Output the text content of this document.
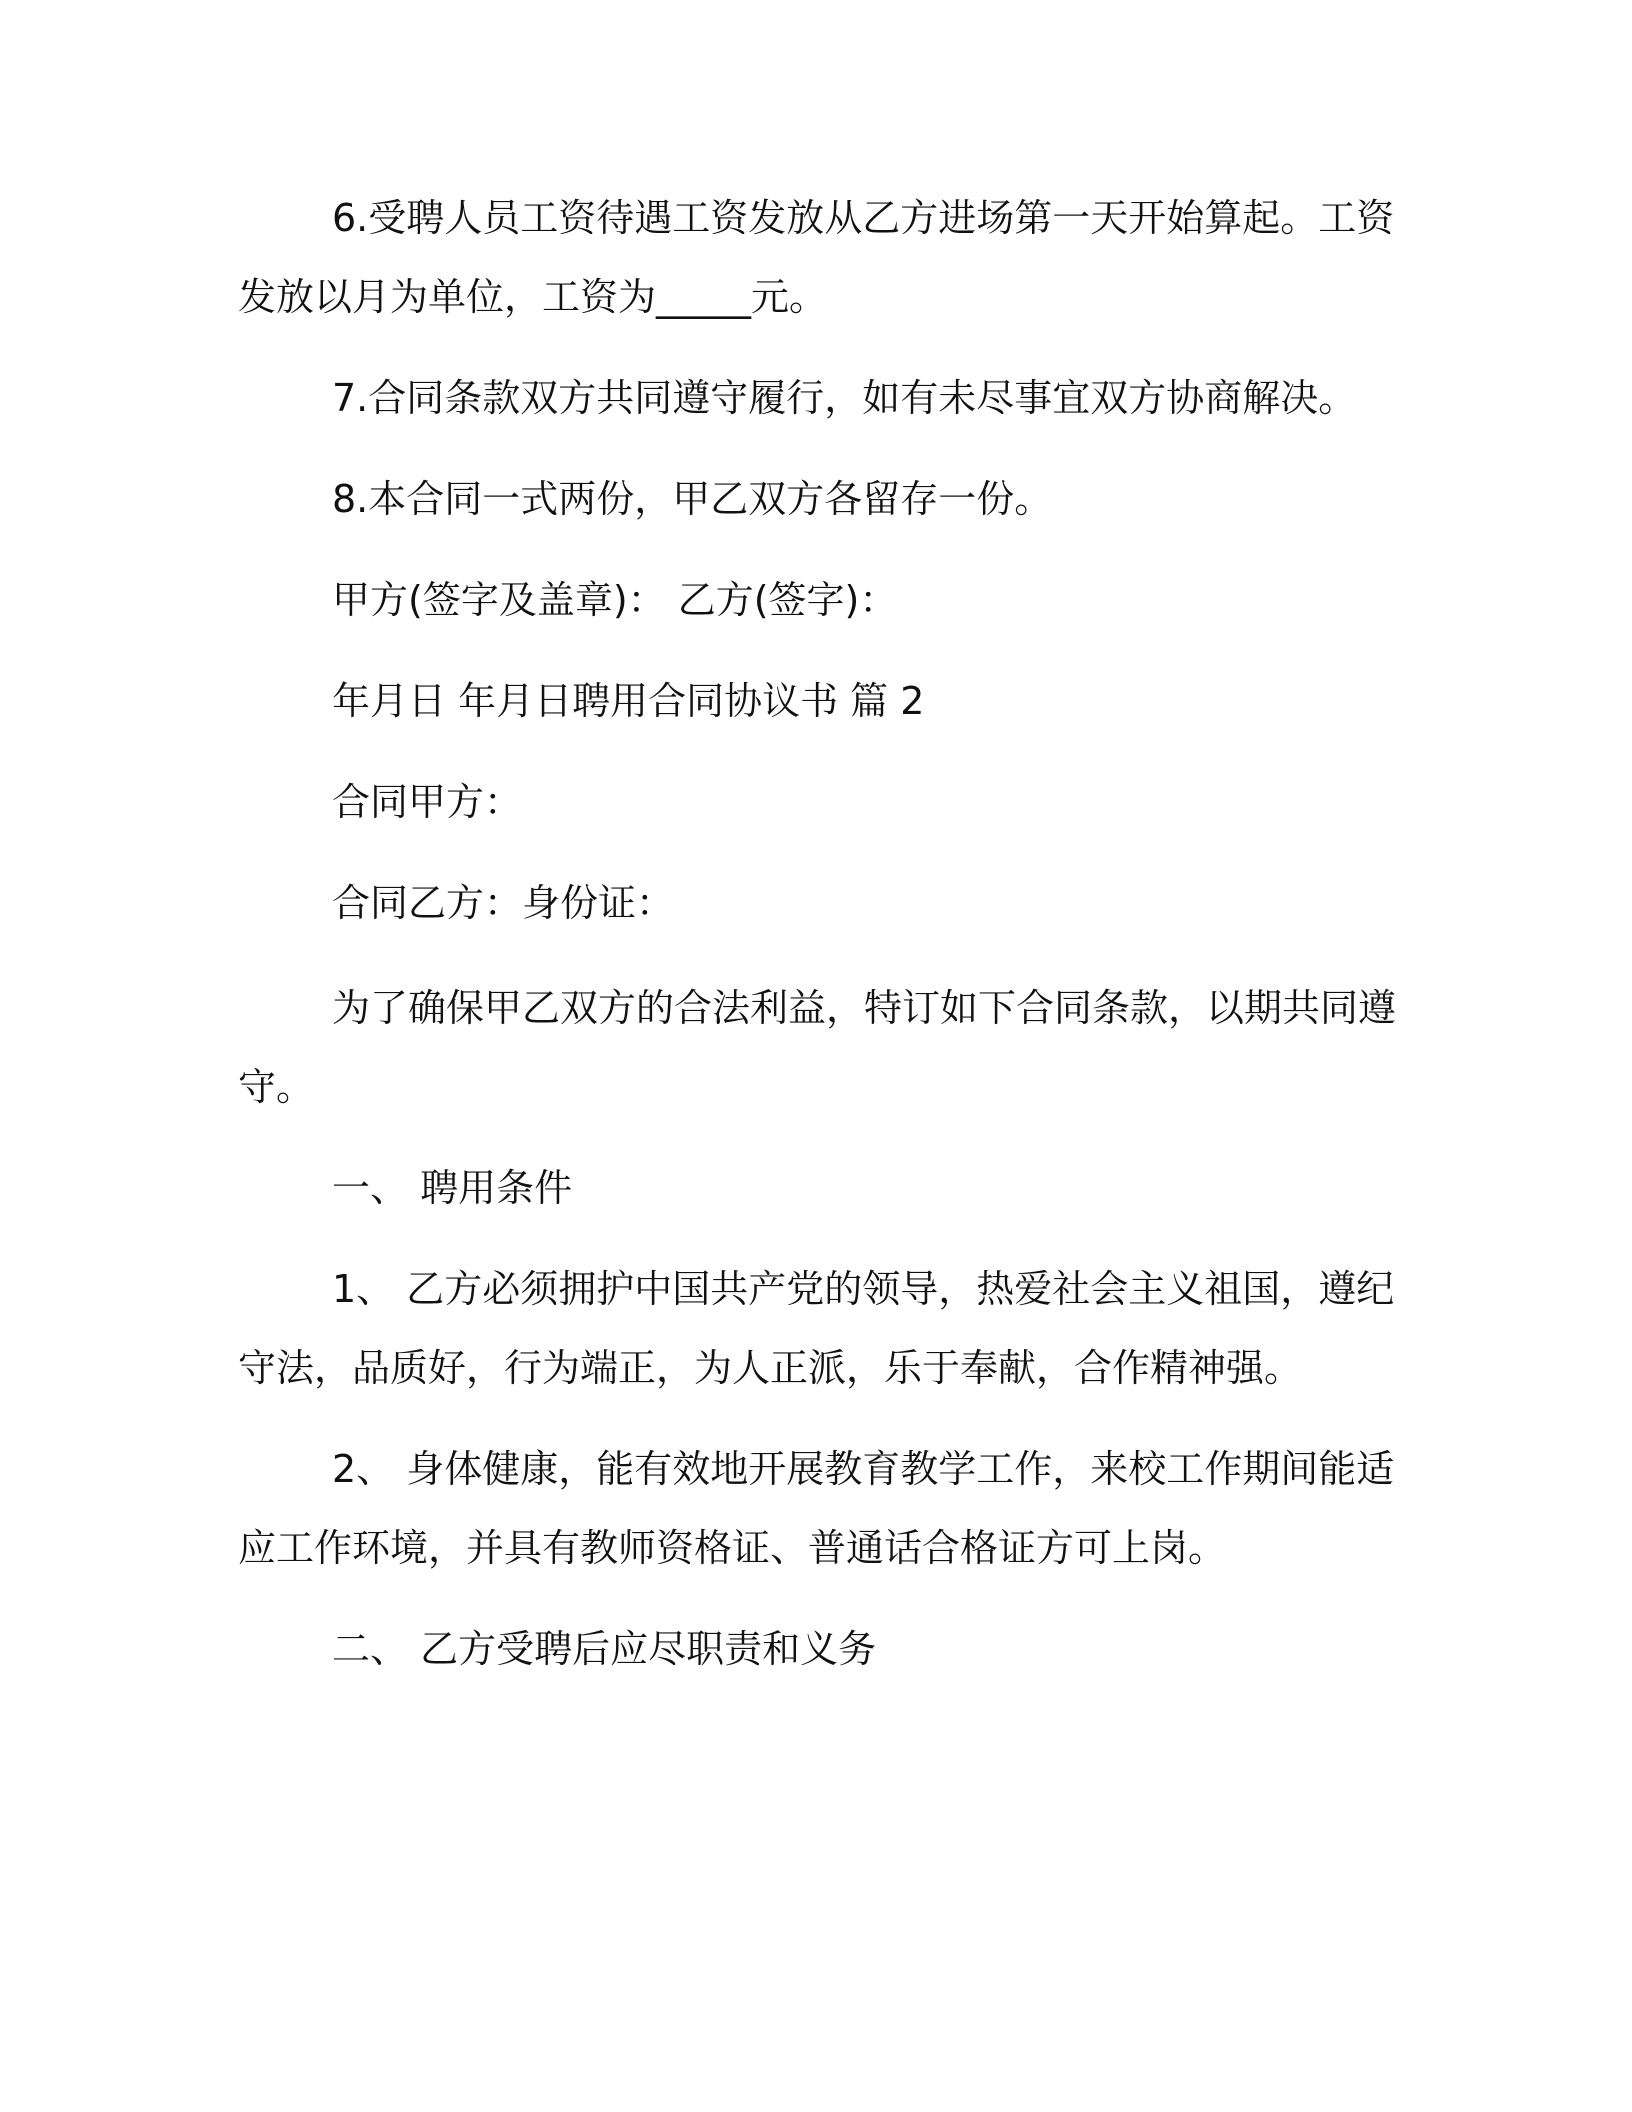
6.受聘人员工资待遇工资发放从乙方进场第一天开始算起。工资

发放以月为单位，工资为_____元。

7.合同条款双方共同遵守履行，如有未尽事宜双方协商解决。

8.本合同一式两份，甲乙双方各留存一份。

甲方(签字及盖章)： 乙方(签字)：

年月日 年月日聘用合同协议书 篇 2

合同甲方：

合同乙方：身份证：

为了确保甲乙双方的合法利益，特订如下合同条款，以期共同遵

守。

一、 聘用条件

1、 乙方必须拥护中国共产党的领导，热爱社会主义祖国，遵纪

守法，品质好，行为端正，为人正派，乐于奉献，合作精神强。

2、 身体健康，能有效地开展教育教学工作，来校工作期间能适

应工作环境，并具有教师资格证、普通话合格证方可上岗。

二、 乙方受聘后应尽职责和义务
